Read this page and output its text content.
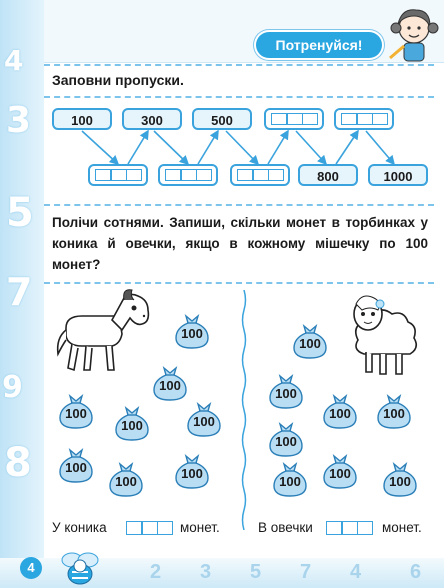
4
3
5
7
9
8
2 3 5 7 4 6
Потренуйся!
Заповни пропуски.
100	300	500
800	1000
Полічи сотнями. Запиши, скільки монет в торбинках у коника й овечки, якщо в кожному мішечку по 100 монет?
У коника	монет.	В овечки	монет.
4
100
100
100
100	100
100
100
100
100
100
100
100
100
100
100	100
